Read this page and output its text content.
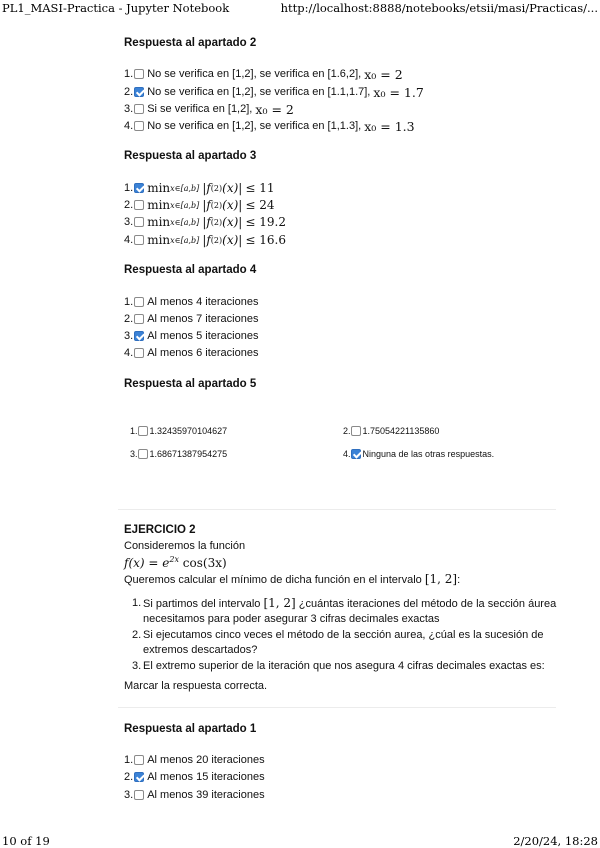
PL1_MASI-Practica - Jupyter Notebook	http://localhost:8888/notebooks/etsii/masi/Practicas/...
10 of 19	2/20/24, 18:28
Respuesta al apartado 2
1. No se verifica en [1,2], se verifica en [1.6,2],
x₀ = 2
2. No se verifica en [1,2], se verifica en [1.1,1.7],
x₀ = 1.7
3. Si se verifica en [1,2],
x₀ = 2
4. No se verifica en [1,2], se verifica en [1,1.3],
x₀ = 1.3
Respuesta al apartado 3
1. min x∈[a,b]
|f (2) (x)|
≤ 11
2. min x∈[a,b]
|f (2) (x)|
≤ 24
3. min x∈[a,b]
|f (2) (x)|
≤ 19.2
4. min x∈[a,b]
|f (2) (x)|
≤ 16.6
Respuesta al apartado 4
1. Al menos 4 iteraciones
2. Al menos 7 iteraciones
3. Al menos 5 iteraciones
4. Al menos 6 iteraciones
Respuesta al apartado 5
1. 1.32435970104627	2. 1.75054221135860
3. 1.68671387954275	4. Ninguna de las otras respuestas.
EJERCICIO 2
Consideremos la función
$f(x) = e^{2x}$ cos(3x)
Queremos calcular el mínimo de dicha función en el intervalo [1, 2]:
1. Si partimos del intervalo [1, 2] ¿cuántas iteraciones del método de la sección áurea
necesitamos para poder asegurar 3 cifras decimales exactas
2. Si ejecutamos cinco veces el método de la sección aurea, ¿cúal es la sucesión de
extremos descartados?
3. El extremo superior de la iteración que nos asegura 4 cifras decimales exactas es:
Marcar la respuesta correcta.
Respuesta al apartado 1
1. Al menos 20 iteraciones
2. Al menos 15 iteraciones
3. Al menos 39 iteraciones
